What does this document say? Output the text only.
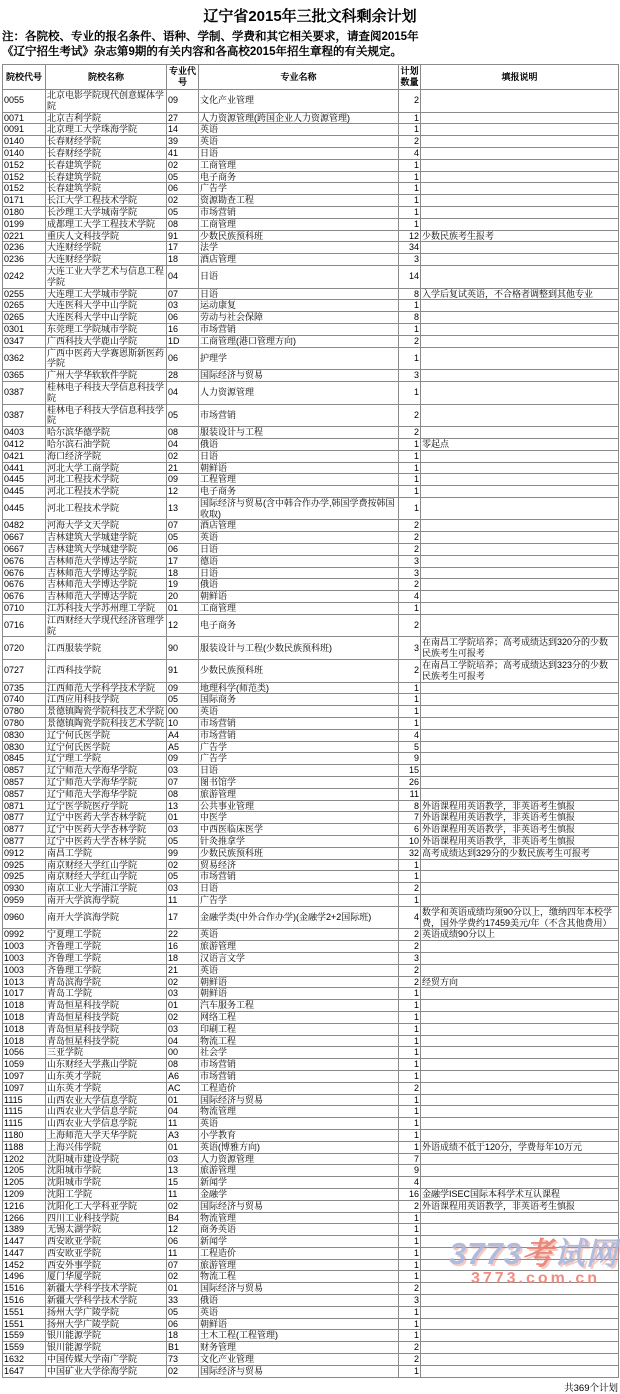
辽宁省2015年三批文科剩余计划
注：各院校、专业的报名条件、语种、学制、学费和其它相关要求，请查阅2015年
《辽宁招生考试》杂志第9期的有关内容和各高校2015年招生章程的有关规定。
院校代号	院校名称	专业代号	专业名称	计划数量	填报说明
0055	北京电影学院现代创意媒体学院	09	文化产业管理	2	
0071	北京吉利学院	27	人力资源管理(跨国企业人力资源管理)	1	
0091	北京理工大学珠海学院	14	英语	1	
0140	长春财经学院	39	英语	2	
0140	长春财经学院	41	日语	4	
0152	长春建筑学院	02	工商管理	1	
0152	长春建筑学院	05	电子商务	1	
0152	长春建筑学院	06	广告学	1	
0171	长江大学工程技术学院	02	资源勘查工程	1	
0180	长沙理工大学城南学院	05	市场营销	1	
0199	成都理工大学工程技术学院	08	工商管理	1	
0221	重庆人文科技学院	91	少数民族预科班	12	少数民族考生报考
0236	大连财经学院	17	法学	34	
0236	大连财经学院	18	酒店管理	3	
0242	大连工业大学艺术与信息工程学院	04	日语	14	
0255	大连理工大学城市学院	07	日语	8	入学后复试英语，不合格者调整到其他专业
0265	大连医科大学中山学院	03	运动康复	1	
0265	大连医科大学中山学院	06	劳动与社会保障	8	
0301	东莞理工学院城市学院	16	市场营销	1	
0347	广西科技大学鹿山学院	1D	工商管理(港口管理方向)	2	
0362	广西中医药大学赛恩斯新医药学院	06	护理学	1	
0365	广州大学华软软件学院	28	国际经济与贸易	3	
0387	桂林电子科技大学信息科技学院	04	人力资源管理	1	
0387	桂林电子科技大学信息科技学院	05	市场营销	2	
0403	哈尔滨华德学院	08	服装设计与工程	2	
0412	哈尔滨石油学院	04	俄语	1	零起点
0421	海口经济学院	02	日语	1	
0441	河北大学工商学院	21	朝鲜语	1	
0445	河北工程技术学院	09	工程管理	1	
0445	河北工程技术学院	12	电子商务	1	
0445	河北工程技术学院	13	国际经济与贸易(含中韩合作办学,韩国学费按韩国收取)	1	
0482	河海大学文天学院	07	酒店管理	2	
0667	吉林建筑大学城建学院	05	英语	2	
0667	吉林建筑大学城建学院	06	日语	2	
0676	吉林师范大学博达学院	17	德语	3	
0676	吉林师范大学博达学院	18	日语	3	
0676	吉林师范大学博达学院	19	俄语	2	
0676	吉林师范大学博达学院	20	朝鲜语	4	
0710	江苏科技大学苏州理工学院	01	工商管理	1	
0716	江西财经大学现代经济管理学院	12	电子商务	2	
0720	江西服装学院	90	服装设计与工程(少数民族预科班)	3	在南昌工学院培养；高考成绩达到320分的少数民族考生可报考
0727	江西科技学院	91	少数民族预科班	2	在南昌工学院培养；高考成绩达到323分的少数民族考生可报考
0735	江西师范大学科学技术学院	09	地理科学(师范类)	1	
0740	江西应用科技学院	05	国际商务	1	
0780	景德镇陶瓷学院科技艺术学院	00	英语	1	
0780	景德镇陶瓷学院科技艺术学院	10	市场营销	1	
0830	辽宁何氏医学院	A4	市场营销	4	
0830	辽宁何氏医学院	A5	广告学	5	
0845	辽宁理工学院	09	广告学	9	
0857	辽宁师范大学海华学院	03	日语	15	
0857	辽宁师范大学海华学院	07	图书馆学	26	
0857	辽宁师范大学海华学院	08	旅游管理	11	
0871	辽宁医学院医疗学院	13	公共事业管理	8	外语课程用英语教学，非英语考生慎报
0877	辽宁中医药大学杏林学院	01	中医学	7	外语课程用英语教学，非英语考生慎报
0877	辽宁中医药大学杏林学院	03	中西医临床医学	6	外语课程用英语教学，非英语考生慎报
0877	辽宁中医药大学杏林学院	05	针灸推拿学	10	外语课程用英语教学，非英语考生慎报
0912	南昌工学院	99	少数民族预科班	32	高考成绩达到329分的少数民族考生可报考
0925	南京财经大学红山学院	02	贸易经济	1	
0925	南京财经大学红山学院	05	市场营销	1	
0930	南京工业大学浦江学院	03	日语	2	
0959	南开大学滨海学院	11	广告学	1	
0960	南开大学滨海学院	17	金融学类(中外合作办学)(金融学2+2国际班)	4	数学和英语成绩均须90分以上，缴纳四年本校学费，国外学费约17459美元/年（不含其他费用）
0992	宁夏理工学院	22	英语	2	英语成绩90分以上
1003	齐鲁理工学院	16	旅游管理	2	
1003	齐鲁理工学院	18	汉语言文学	3	
1003	齐鲁理工学院	21	英语	2	
1013	青岛滨海学院	02	朝鲜语	2	经贸方向
1017	青岛工学院	03	朝鲜语	1	
1018	青岛恒星科技学院	01	汽车服务工程	1	
1018	青岛恒星科技学院	02	网络工程	1	
1018	青岛恒星科技学院	03	印刷工程	1	
1018	青岛恒星科技学院	04	物流工程	1	
1056	三亚学院	00	社会学	1	
1059	山东财经大学燕山学院	08	市场营销	1	
1097	山东英才学院	A6	市场营销	1	
1097	山东英才学院	AC	工程造价	2	
1115	山西农业大学信息学院	01	国际经济与贸易	1	
1115	山西农业大学信息学院	04	物流管理	1	
1115	山西农业大学信息学院	11	英语	1	
1180	上海师范大学天华学院	A3	小学教育	1	
1188	上海兴伟学院	01	英语(博雅方向)	1	外语成绩不低于120分，学费每年10万元
1202	沈阳城市建设学院	03	人力资源管理	7	
1205	沈阳城市学院	13	旅游管理	9	
1205	沈阳城市学院	15	新闻学	4	
1209	沈阳工学院	11	金融学	16	金融学ISEC国际本科学术互认课程
1216	沈阳化工大学科亚学院	02	国际经济与贸易	2	外语课程用英语教学，非英语考生慎报
1266	四川工业科技学院	B4	物流管理	1	
1389	无锡太湖学院	12	商务英语	1	
1447	西安欧亚学院	06	新闻学	1	
1447	西安欧亚学院	11	工程造价	1	
1452	西安外事学院	07	旅游管理	1	
1496	厦门华厦学院	02	物流工程	1	
1516	新疆大学科学技术学院	01	国际经济与贸易	2	
1516	新疆大学科学技术学院	33	俄语	3	
1551	扬州大学广陵学院	05	英语	1	
1551	扬州大学广陵学院	06	朝鲜语	1	
1559	银川能源学院	18	土木工程(工程管理)	1	
1559	银川能源学院	B1	财务管理	2	
1632	中国传媒大学南广学院	73	文化产业管理	2	
1647	中国矿业大学徐海学院	02	国际经济与贸易	1	
共369个计划
3773考试网
3773.com.cn
